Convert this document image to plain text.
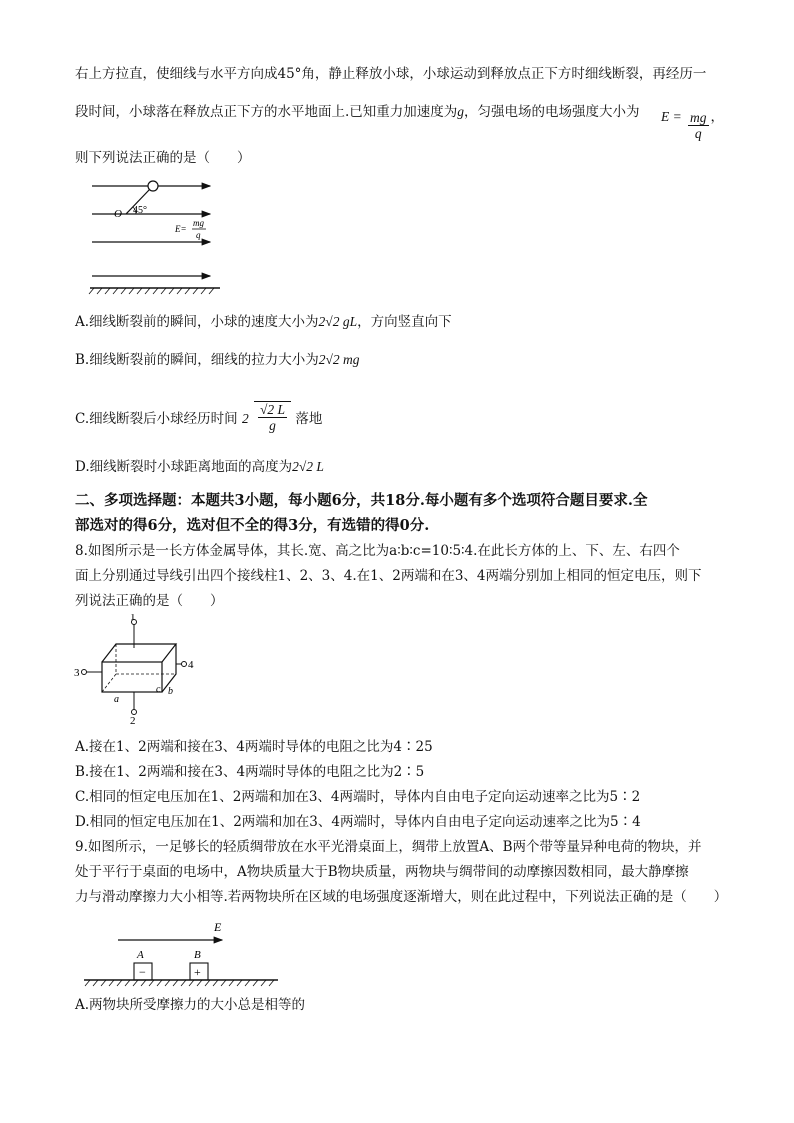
右上方拉直，使细线与水平方向成45°角，静止释放小球，小球运动到释放点正下方时细线断裂，再经历一
段时间，小球落在释放点正下方的水平地面上.已知重力加速度为g，匀强电场的电场强度大小为 $E = \frac{mg}{q}$ ，
则下列说法正确的是（　　）
O 45°
E=
mg
q
A.细线断裂前的瞬间，小球的速度大小为2√2 gL，方向竖直向下
B.细线断裂前的瞬间，细线的拉力大小为2√2 mg
C.细线断裂后小球经历时间 $2 \frac{√2 L}{g}$ 落地
D.细线断裂时小球距离地面的高度为2√2 L
二、多项选择题：本题共3小题，每小题6分，共18分.每小题有多个选项符合题目要求.全
部选对的得6分，选对但不全的得3分，有选错的得0分.
8.如图所示是一长方体金属导体，其长.宽、高之比为a∶b∶c=10∶5∶4.在此长方体的上、下、左、右四个
面上分别通过导线引出四个接线柱1、2、3、4.在1、2两端和在3、4两端分别加上相同的恒定电压，则下
列说法正确的是（　　）
1
3
4
2
a
c b
A.接在1、2两端和接在3、4两端时导体的电阻之比为4∶25
B.接在1、2两端和接在3、4两端时导体的电阻之比为2∶5
C.相同的恒定电压加在1、2两端和加在3、4两端时，导体内自由电子定向运动速率之比为5∶2
D.相同的恒定电压加在1、2两端和加在3、4两端时，导体内自由电子定向运动速率之比为5∶4
9.如图所示，一足够长的轻质绸带放在水平光滑桌面上，绸带上放置A、B两个带等量异种电荷的物块，并
处于平行于桌面的电场中，A物块质量大于B物块质量，两物块与绸带间的动摩擦因数相同，最大静摩擦
力与滑动摩擦力大小相等.若两物块所在区域的电场强度逐渐增大，则在此过程中，下列说法正确的是（　　）
E
A	B
−	+
A.两物块所受摩擦力的大小总是相等的
